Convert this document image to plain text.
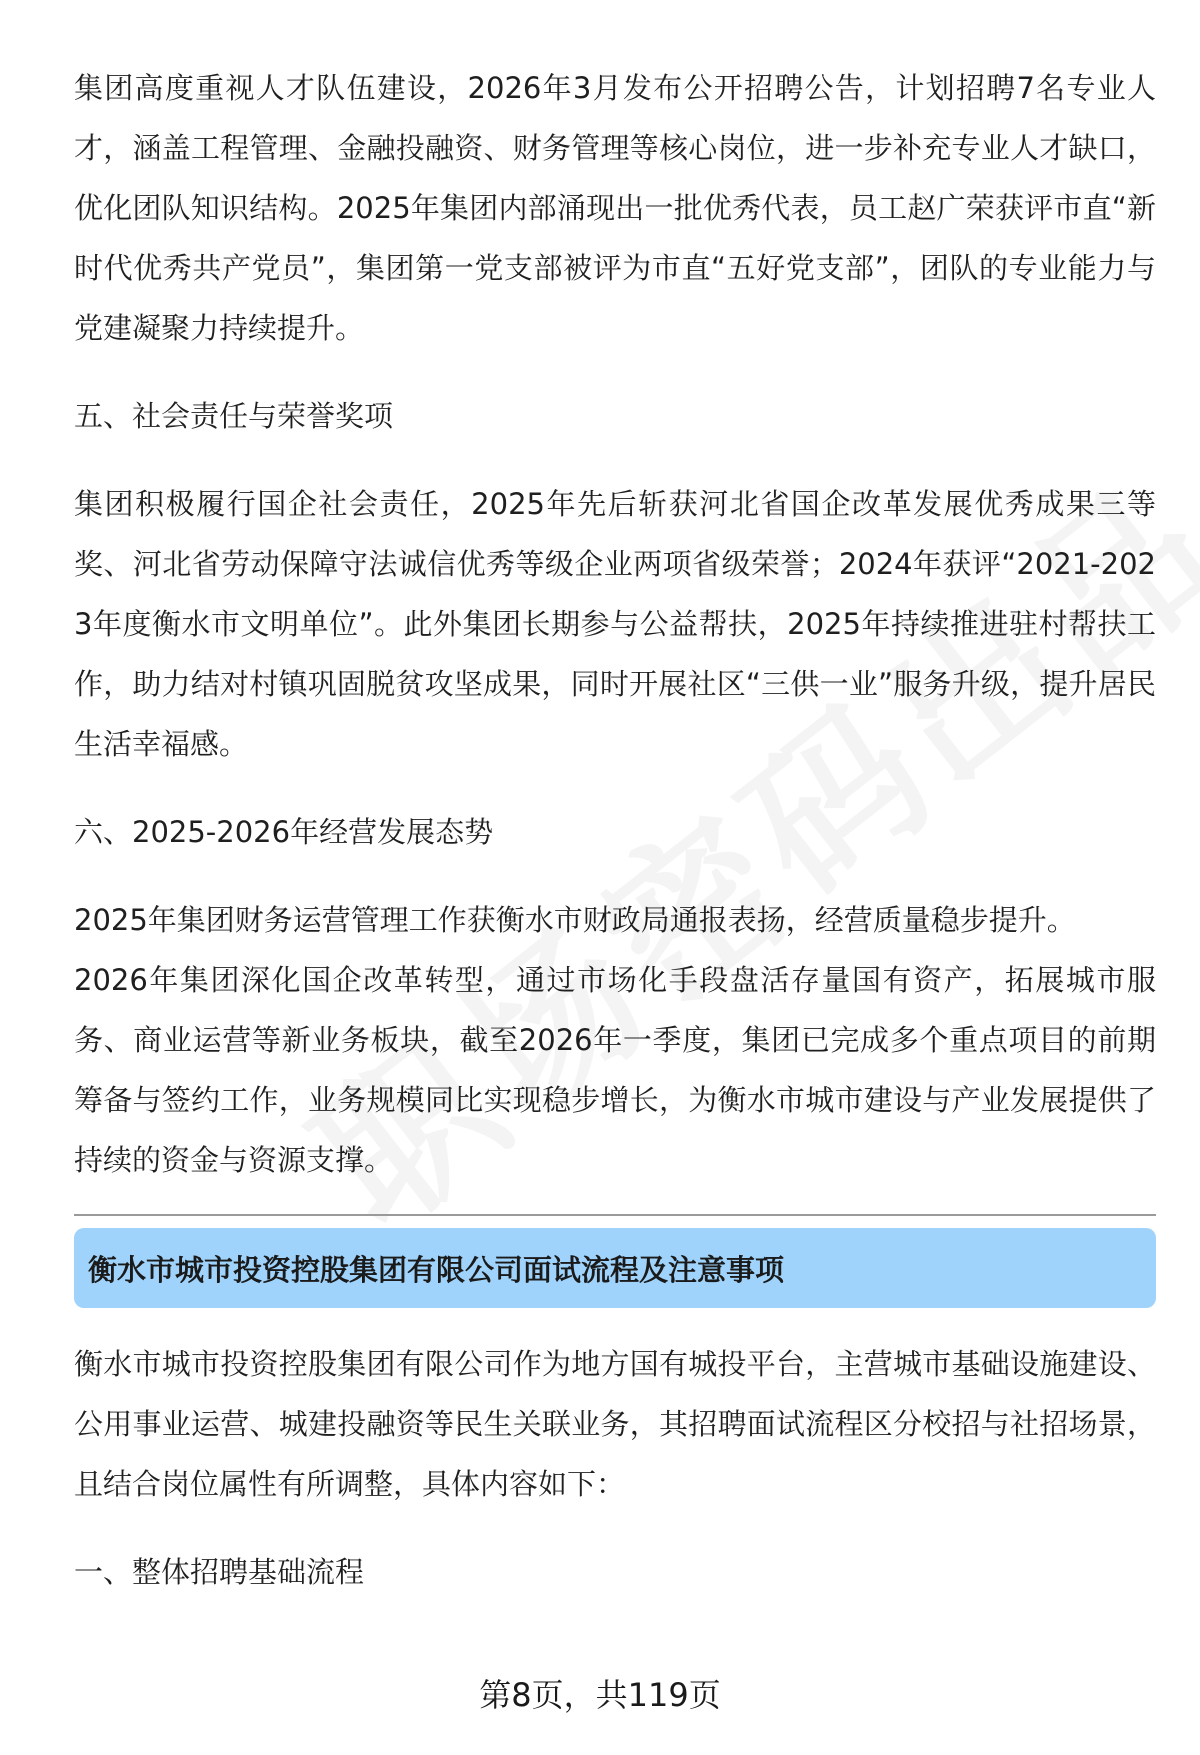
集团高度重视人才队伍建设，2026年3月发布公开招聘公告，计划招聘7名专业人才，涵盖工程管理、金融投融资、财务管理等核心岗位，进一步补充专业人才缺口，优化团队知识结构。2025年集团内部涌现出一批优秀代表，员工赵广荣获评市直“新时代优秀共产党员”，集团第一党支部被评为市直“五好党支部”，团队的专业能力与党建凝聚力持续提升。

五、社会责任与荣誉奖项

集团积极履行国企社会责任，2025年先后斩获河北省国企改革发展优秀成果三等奖、河北省劳动保障守法诚信优秀等级企业两项省级荣誉；2024年获评“2021-2023年度衡水市文明单位”。此外集团长期参与公益帮扶，2025年持续推进驻村帮扶工作，助力结对村镇巩固脱贫攻坚成果，同时开展社区“三供一业”服务升级，提升居民生活幸福感。

六、2025-2026年经营发展态势

2025年集团财务运营管理工作获衡水市财政局通报表扬，经营质量稳步提升。

2026年集团深化国企改革转型，通过市场化手段盘活存量国有资产，拓展城市服务、商业运营等新业务板块，截至2026年一季度，集团已完成多个重点项目的前期筹备与签约工作，业务规模同比实现稳步增长，为衡水市城市建设与产业发展提供了持续的资金与资源支撑。

衡水市城市投资控股集团有限公司面试流程及注意事项

衡水市城市投资控股集团有限公司作为地方国有城投平台，主营城市基础设施建设、公用事业运营、城建投融资等民生关联业务，其招聘面试流程区分校招与社招场景，且结合岗位属性有所调整，具体内容如下：

一、整体招聘基础流程
第8页，共119页
